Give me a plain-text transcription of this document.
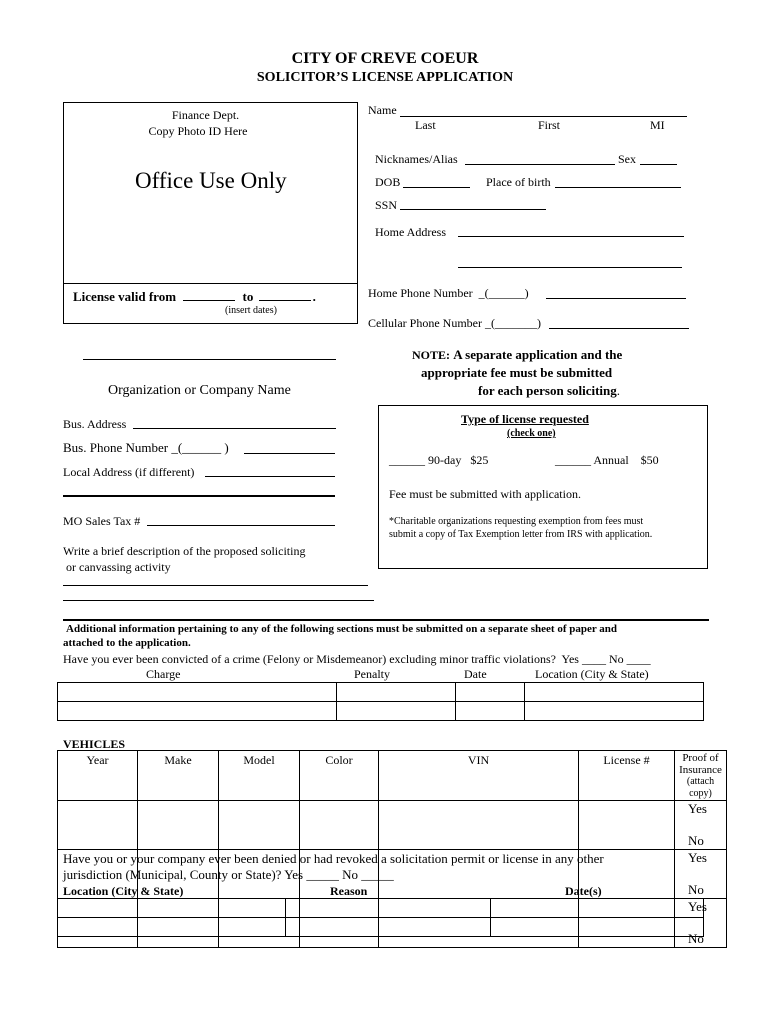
CITY OF CREVE COEUR
SOLICITOR’S LICENSE APPLICATION
Finance Dept.
Copy Photo ID Here
Office Use Only
License valid from	to	.
(insert dates)
Name
Last	First	MI
Nicknames/Alias	Sex
DOB	Place of birth
SSN
Home Address
Home Phone Number _(______)
Cellular Phone Number _(_______)
Organization or Company Name
Bus. Address
Bus. Phone Number _(______ )
Local Address (if different)
MO Sales Tax #
Write a brief description of the proposed soliciting
or canvassing activity
NOTE: A separate application and the
appropriate fee must be submitted
for each person soliciting.
Type of license requested
(check one)
______ 90-day $25	______ Annual $50
Fee must be submitted with application.
*Charitable organizations requesting exemption from fees must
submit a copy of Tax Exemption letter from IRS with application.
Additional information pertaining to any of the following sections must be submitted on a separate sheet of paper and
attached to the application.
Have you ever been convicted of a crime (Felony or Misdemeanor) excluding minor traffic violations? Yes ____ No ____
Charge	Penalty	Date	Location (City & State)

VEHICLES
Year	Make	Model	Color	VIN	License #	Proof of Insurance
(attach copy)

						YesNo
						YesNo
						YesNo
Have you or your company ever been denied or had revoked a solicitation permit or license in any other
jurisdiction (Municipal, County or State)? Yes _____ No _____
Location (City & State)	Reason	Date(s)
